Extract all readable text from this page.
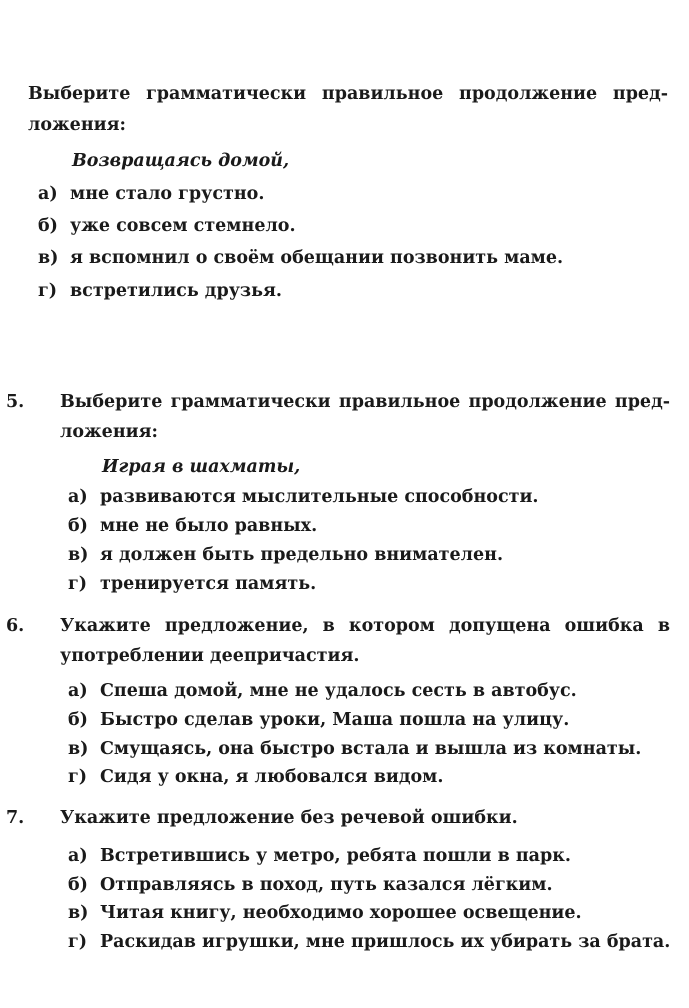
Выберите грамматически правильное продолжение пред-
ложения:
Возвращаясь домой,
а) мне стало грустно.
б) уже совсем стемнело.
в) я вспомнил о своём обещании позвонить маме.
г) встретились друзья.
5. Выберите грамматически правильное продолжение пред-
ложения:
Играя в шахматы,
а) развиваются мыслительные способности.
б) мне не было равных.
в) я должен быть предельно внимателен.
г) тренируется память.
6. Укажите предложение, в котором допущена ошибка в
употреблении деепричастия.
а) Спеша домой, мне не удалось сесть в автобус.
б) Быстро сделав уроки, Маша пошла на улицу.
в) Смущаясь, она быстро встала и вышла из комнаты.
г) Сидя у окна, я любовался видом.
7. Укажите предложение без речевой ошибки.
а) Встретившись у метро, ребята пошли в парк.
б) Отправляясь в поход, путь казался лёгким.
в) Читая книгу, необходимо хорошее освещение.
г) Раскидав игрушки, мне пришлось их убирать за брата.
